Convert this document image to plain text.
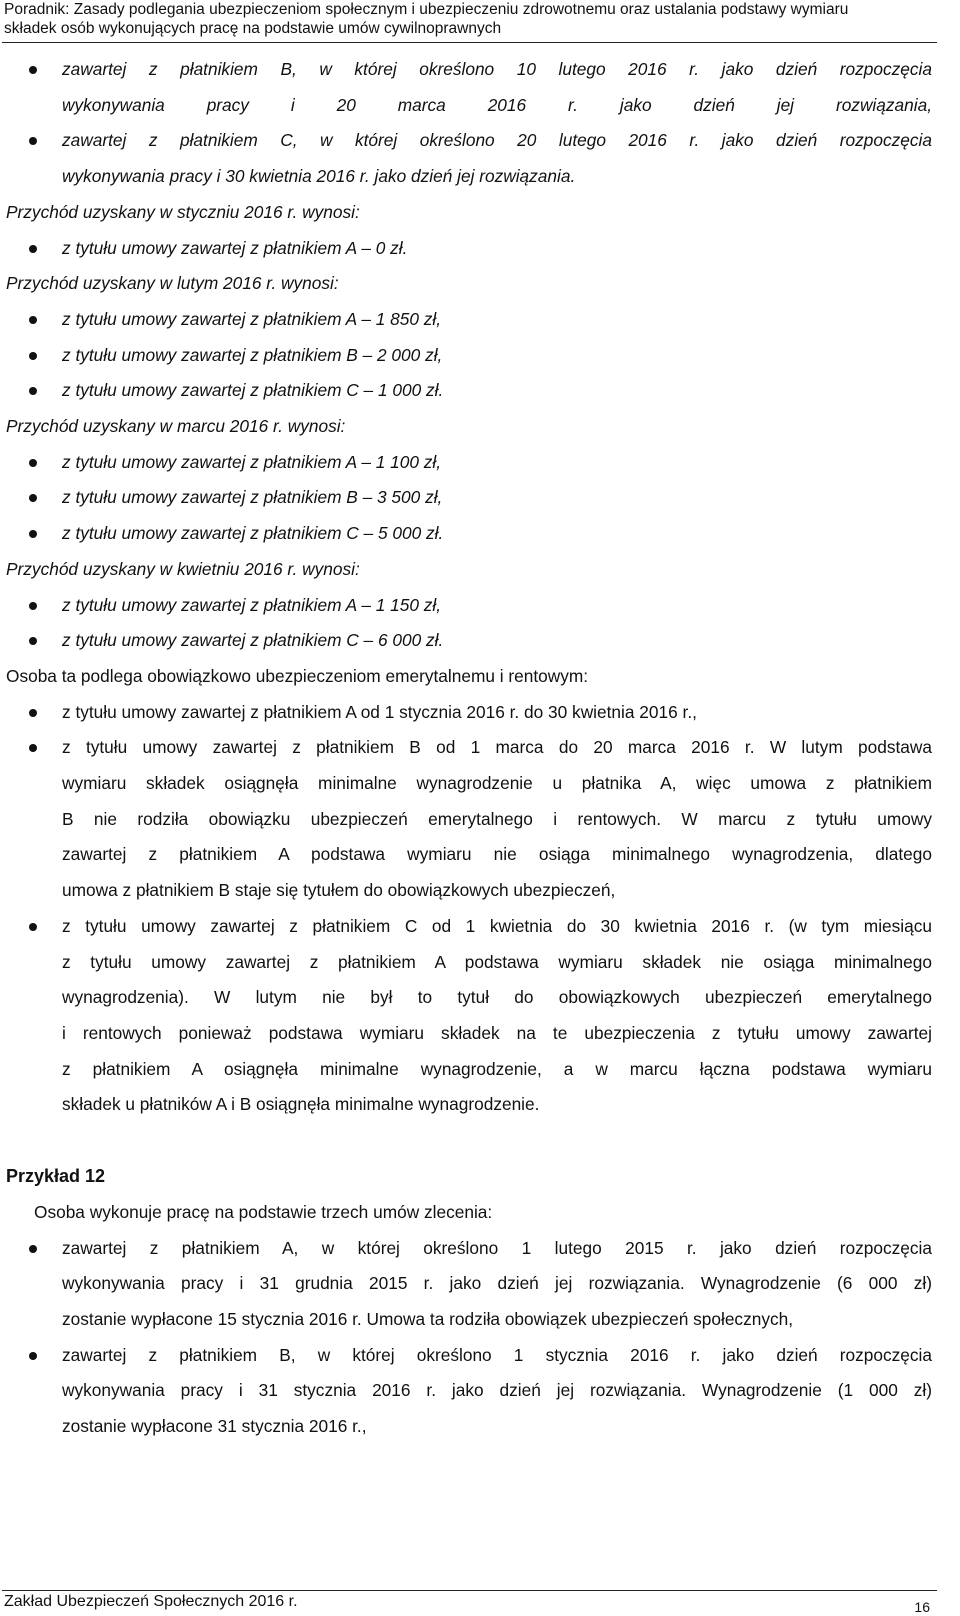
Poradnik: Zasady podlegania ubezpieczeniom społecznym i ubezpieczeniu zdrowotnemu oraz ustalania podstawy wymiaru
składek osób wykonujących pracę na podstawie umów cywilnoprawnych
zawartej z płatnikiem B, w której określono 10 lutego 2016 r. jako dzień rozpoczęcia
wykonywania pracy i 20 marca 2016 r. jako dzień jej rozwiązania,
zawartej z płatnikiem C, w której określono 20 lutego 2016 r. jako dzień rozpoczęcia
wykonywania pracy i 30 kwietnia 2016 r. jako dzień jej rozwiązania.
Przychód uzyskany w styczniu 2016 r. wynosi:
z tytułu umowy zawartej z płatnikiem A – 0 zł.
Przychód uzyskany w lutym 2016 r. wynosi:
z tytułu umowy zawartej z płatnikiem A – 1 850 zł,
z tytułu umowy zawartej z płatnikiem B – 2 000 zł,
z tytułu umowy zawartej z płatnikiem C – 1 000 zł.
Przychód uzyskany w marcu 2016 r. wynosi:
z tytułu umowy zawartej z płatnikiem A – 1 100 zł,
z tytułu umowy zawartej z płatnikiem B – 3 500 zł,
z tytułu umowy zawartej z płatnikiem C – 5 000 zł.
Przychód uzyskany w kwietniu 2016 r. wynosi:
z tytułu umowy zawartej z płatnikiem A – 1 150 zł,
z tytułu umowy zawartej z płatnikiem C – 6 000 zł.
Osoba ta podlega obowiązkowo ubezpieczeniom emerytalnemu i rentowym:
z tytułu umowy zawartej z płatnikiem A od 1 stycznia 2016 r. do 30 kwietnia 2016 r.,
z tytułu umowy zawartej z płatnikiem B od 1 marca do 20 marca 2016 r. W lutym podstawa
wymiaru składek osiągnęła minimalne wynagrodzenie u płatnika A, więc umowa z płatnikiem
B nie rodziła obowiązku ubezpieczeń emerytalnego i rentowych. W marcu z tytułu umowy
zawartej z płatnikiem A podstawa wymiaru nie osiąga minimalnego wynagrodzenia, dlatego
umowa z płatnikiem B staje się tytułem do obowiązkowych ubezpieczeń,
z tytułu umowy zawartej z płatnikiem C od 1 kwietnia do 30 kwietnia 2016 r. (w tym miesiącu
z tytułu umowy zawartej z płatnikiem A podstawa wymiaru składek nie osiąga minimalnego
wynagrodzenia). W lutym nie był to tytuł do obowiązkowych ubezpieczeń emerytalnego
i rentowych ponieważ podstawa wymiaru składek na te ubezpieczenia z tytułu umowy zawartej
z płatnikiem A osiągnęła minimalne wynagrodzenie, a w marcu łączna podstawa wymiaru
składek u płatników A i B osiągnęła minimalne wynagrodzenie.
Przykład 12
Osoba wykonuje pracę na podstawie trzech umów zlecenia:
zawartej z płatnikiem A, w której określono 1 lutego 2015 r. jako dzień rozpoczęcia
wykonywania pracy i 31 grudnia 2015 r. jako dzień jej rozwiązania. Wynagrodzenie (6 000 zł)
zostanie wypłacone 15 stycznia 2016 r. Umowa ta rodziła obowiązek ubezpieczeń społecznych,
zawartej z płatnikiem B, w której określono 1 stycznia 2016 r. jako dzień rozpoczęcia
wykonywania pracy i 31 stycznia 2016 r. jako dzień jej rozwiązania. Wynagrodzenie (1 000 zł)
zostanie wypłacone 31 stycznia 2016 r.,
Zakład Ubezpieczeń Społecznych 2016 r.	16
